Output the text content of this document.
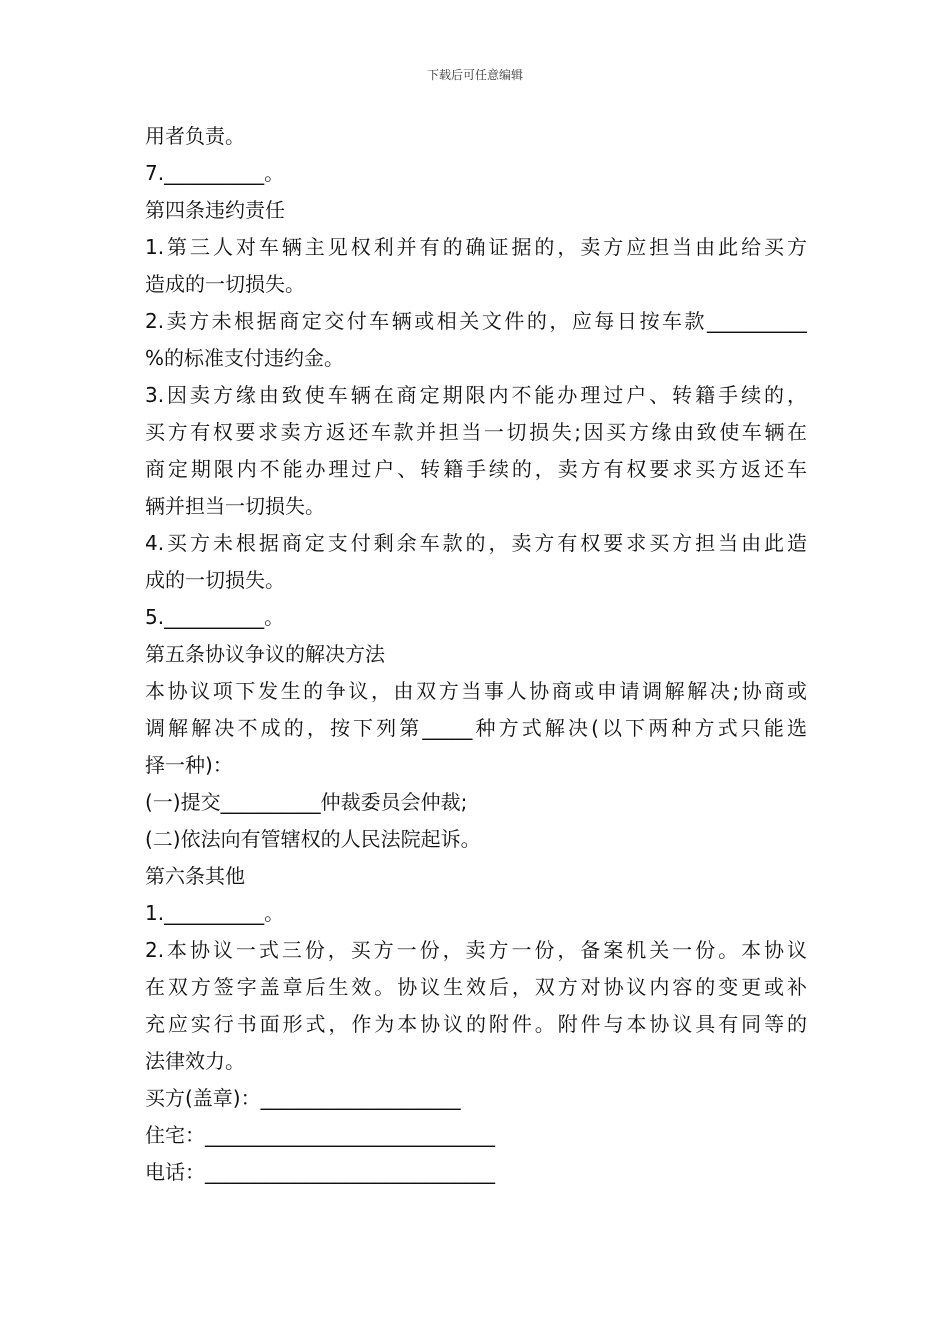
下载后可任意编辑
用者负责。
7.__________。
第四条违约责任
1.第三人对车辆主见权利并有的确证据的，卖方应担当由此给买方
造成的一切损失。
2.卖方未根据商定交付车辆或相关文件的，应每日按车款__________
%的标准支付违约金。
3.因卖方缘由致使车辆在商定期限内不能办理过户、转籍手续的，
买方有权要求卖方返还车款并担当一切损失;因买方缘由致使车辆在
商定期限内不能办理过户、转籍手续的，卖方有权要求买方返还车
辆并担当一切损失。
4.买方未根据商定支付剩余车款的，卖方有权要求买方担当由此造
成的一切损失。
5.__________。
第五条协议争议的解决方法
本协议项下发生的争议，由双方当事人协商或申请调解解决;协商或
调解解决不成的，按下列第_____种方式解决(以下两种方式只能选
择一种)：
(一)提交__________仲裁委员会仲裁;
(二)依法向有管辖权的人民法院起诉。
第六条其他
1.__________。
2.本协议一式三份，买方一份，卖方一份，备案机关一份。本协议
在双方签字盖章后生效。协议生效后，双方对协议内容的变更或补
充应实行书面形式，作为本协议的附件。附件与本协议具有同等的
法律效力。
买方(盖章)：____________________
住宅：_____________________________
电话：_____________________________
